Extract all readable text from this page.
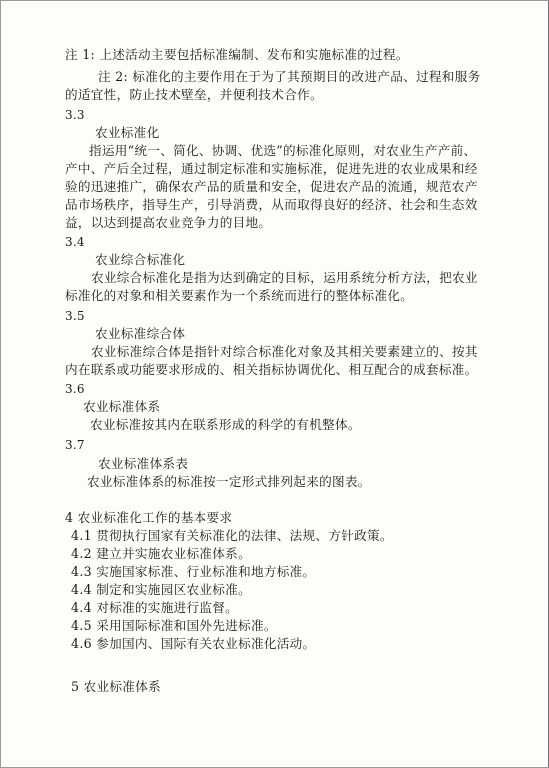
注 1: 上述活动主要包括标准编制、发布和实施标准的过程。
注 2: 标准化的主要作用在于为了其预期目的改进产品、过程和服务
的适宜性，防止技术壁垒，并便利技术合作。
3.3
农业标准化
指运用“统一、简化、协调、优选”的标准化原则，对农业生产产前、
产中、产后全过程，通过制定标准和实施标准，促进先进的农业成果和经
验的迅速推广，确保农产品的质量和安全，促进农产品的流通，规范农产
品市场秩序，指导生产，引导消费，从而取得良好的经济、社会和生态效
益，以达到提高农业竞争力的目地。
3.4
农业综合标准化
农业综合标准化是指为达到确定的目标，运用系统分析方法，把农业
标准化的对象和相关要素作为一个系统而进行的整体标准化。
3.5
农业标准综合体
农业标准综合体是指针对综合标准化对象及其相关要素建立的、按其
内在联系或功能要求形成的、相关指标协调优化、相互配合的成套标准。
3.6
农业标准体系
农业标准按其内在联系形成的科学的有机整体。
3.7
农业标准体系表
农业标准体系的标准按一定形式排列起来的图表。
4 农业标准化工作的基本要求
4.1 贯彻执行国家有关标准化的法律、法规、方针政策。
4.2 建立并实施农业标准体系。
4.3 实施国家标准、行业标准和地方标准。
4.4 制定和实施园区农业标准。
4.4 对标准的实施进行监督。
4.5 采用国际标准和国外先进标准。
4.6 参加国内、国际有关农业标准化活动。
5 农业标准体系
